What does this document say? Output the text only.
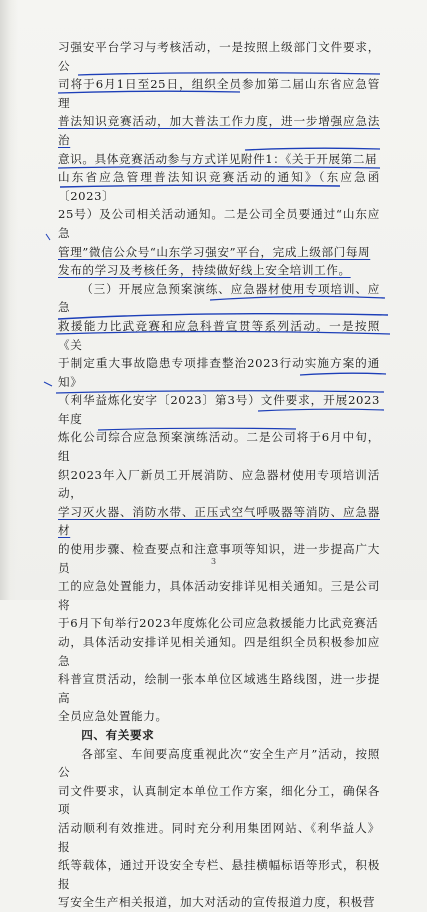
习强安平台学习与考核活动，一是按照上级部门文件要求，公

司将于6月1日至25日，组织全员参加第二届山东省应急管理

普法知识竞赛活动，加大普法工作力度，进一步增强应急法治

意识。具体竞赛活动参与方式详见附件1：《关于开展第二届

山东省应急管理普法知识竞赛活动的通知》（东应急函〔2023〕

25号）及公司相关活动通知。二是公司全员要通过“山东应急

管理”微信公众号“山东学习强安”平台，完成上级部门每周

发布的学习及考核任务，持续做好线上安全培训工作。

（三）开展应急预案演练、应急器材使用专项培训、应急

救援能力比武竞赛和应急科普宣贯等系列活动。一是按照《关

于制定重大事故隐患专项排查整治2023行动实施方案的通知》

（利华益炼化安字〔2023〕第3号）文件要求，开展2023年度

炼化公司综合应急预案演练活动。二是公司将于6月中旬，组

织2023年入厂新员工开展消防、应急器材使用专项培训活动，

学习灭火器、消防水带、正压式空气呼吸器等消防、应急器材

的使用步骤、检查要点和注意事项等知识，进一步提高广大员

工的应急处置能力，具体活动安排详见相关通知。三是公司将

于6月下旬举行2023年度炼化公司应急救援能力比武竞赛活

动，具体活动安排详见相关通知。四是组织全员积极参加应急

科普宣贯活动，绘制一张本单位区域逃生路线图，进一步提高

全员应急处置能力。

四、有关要求

各部室、车间要高度重视此次“安全生产月”活动，按照公

司文件要求，认真制定本单位工作方案，细化分工，确保各项

活动顺利有效推进。同时充分利用集团网站、《利华益人》报

纸等载体，通过开设安全专栏、悬挂横幅标语等形式，积极报

写安全生产相关报道，加大对活动的宣传报道力度，积极营

3
